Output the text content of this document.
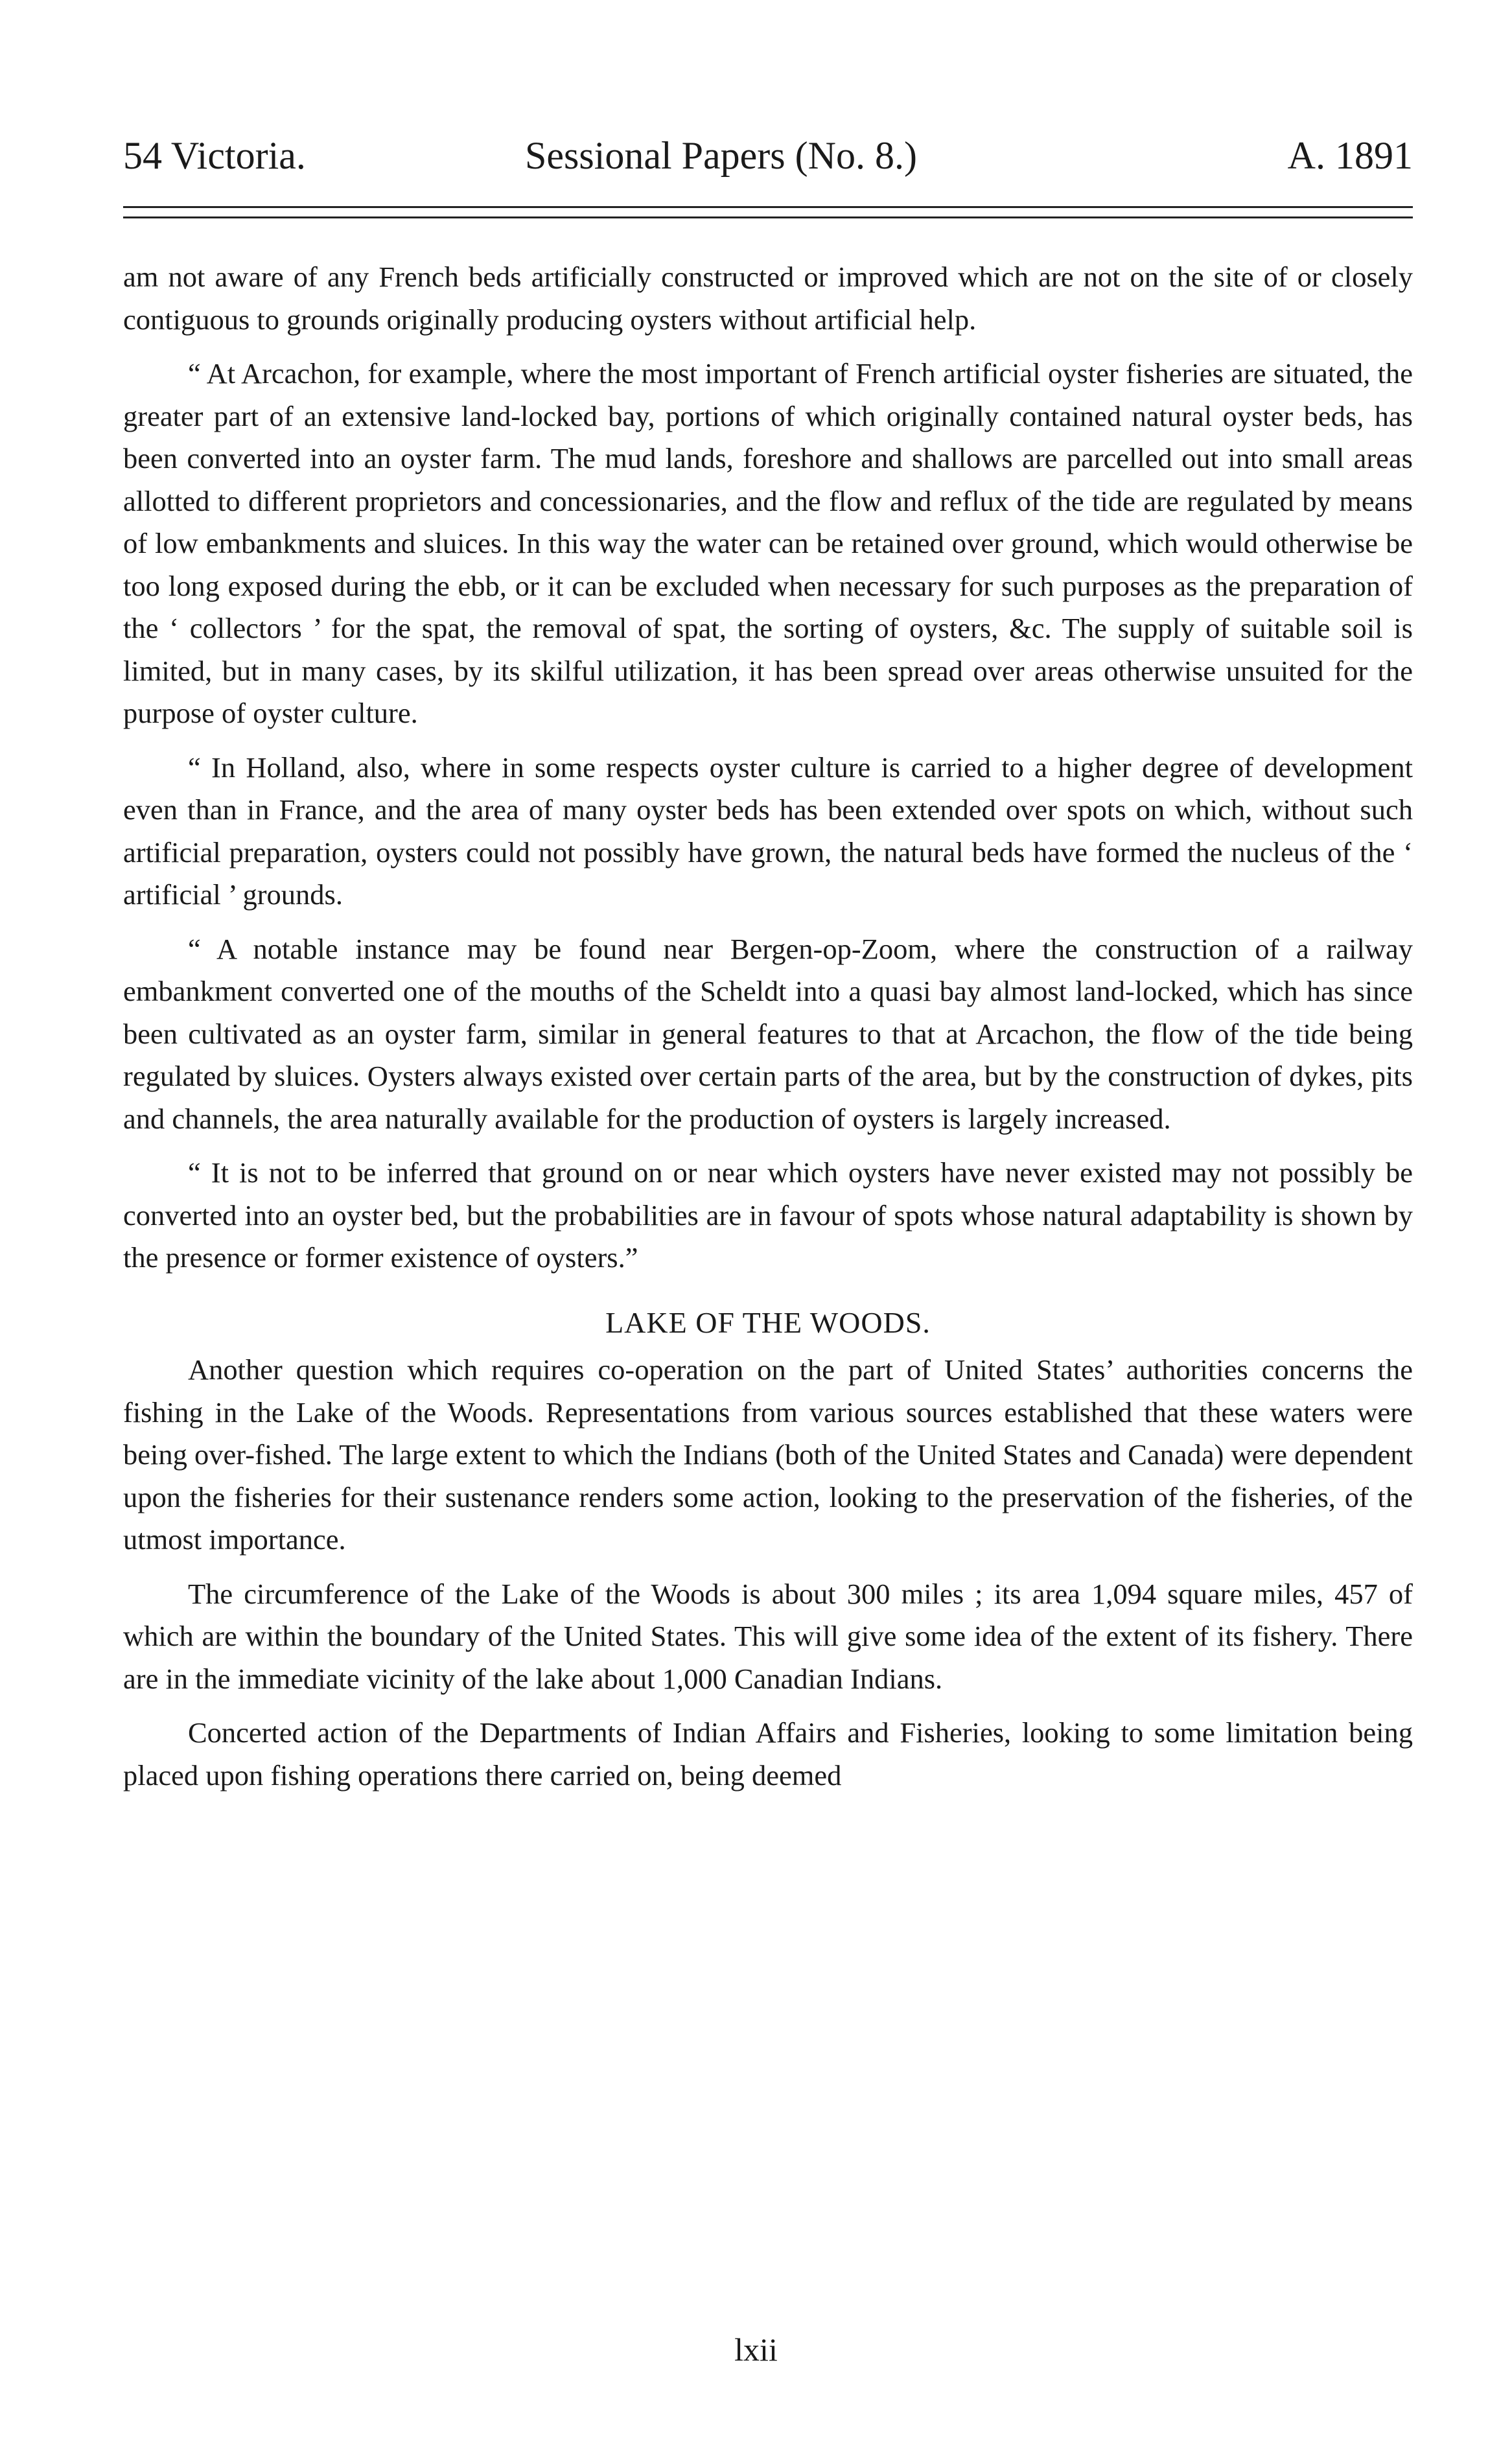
54 Victoria.	Sessional Papers (No. 8.)	A. 1891

am not aware of any French beds artificially constructed or improved which are not on the site of or closely contiguous to grounds originally producing oysters without artificial help.

“ At Arcachon, for example, where the most important of French artificial oyster fisheries are situated, the greater part of an extensive land-locked bay, portions of which originally contained natural oyster beds, has been converted into an oyster farm. The mud lands, foreshore and shallows are parcelled out into small areas allotted to different proprietors and concessionaries, and the flow and reflux of the tide are regulated by means of low embankments and sluices. In this way the water can be retained over ground, which would otherwise be too long exposed during the ebb, or it can be excluded when necessary for such purposes as the preparation of the ‘ collectors ’ for the spat, the removal of spat, the sorting of oysters, &c. The supply of suitable soil is limited, but in many cases, by its skilful utilization, it has been spread over areas otherwise unsuited for the purpose of oyster culture.

“ In Holland, also, where in some respects oyster culture is carried to a higher degree of development even than in France, and the area of many oyster beds has been extended over spots on which, without such artificial preparation, oysters could not possibly have grown, the natural beds have formed the nucleus of the ‘ artificial ’ grounds.

“ A notable instance may be found near Bergen-op-Zoom, where the construction of a railway embankment converted one of the mouths of the Scheldt into a quasi bay almost land-locked, which has since been cultivated as an oyster farm, similar in general features to that at Arcachon, the flow of the tide being regulated by sluices. Oysters always existed over certain parts of the area, but by the construction of dykes, pits and channels, the area naturally available for the production of oysters is largely increased.

“ It is not to be inferred that ground on or near which oysters have never existed may not possibly be converted into an oyster bed, but the probabilities are in favour of spots whose natural adaptability is shown by the presence or former existence of oysters.”

LAKE OF THE WOODS.

Another question which requires co-operation on the part of United States’ authorities concerns the fishing in the Lake of the Woods. Representations from various sources established that these waters were being over-fished. The large extent to which the Indians (both of the United States and Canada) were dependent upon the fisheries for their sustenance renders some action, looking to the preservation of the fisheries, of the utmost importance.

The circumference of the Lake of the Woods is about 300 miles ; its area 1,094 square miles, 457 of which are within the boundary of the United States. This will give some idea of the extent of its fishery. There are in the immediate vicinity of the lake about 1,000 Canadian Indians.

Concerted action of the Departments of Indian Affairs and Fisheries, looking to some limitation being placed upon fishing operations there carried on, being deemed

lxii
